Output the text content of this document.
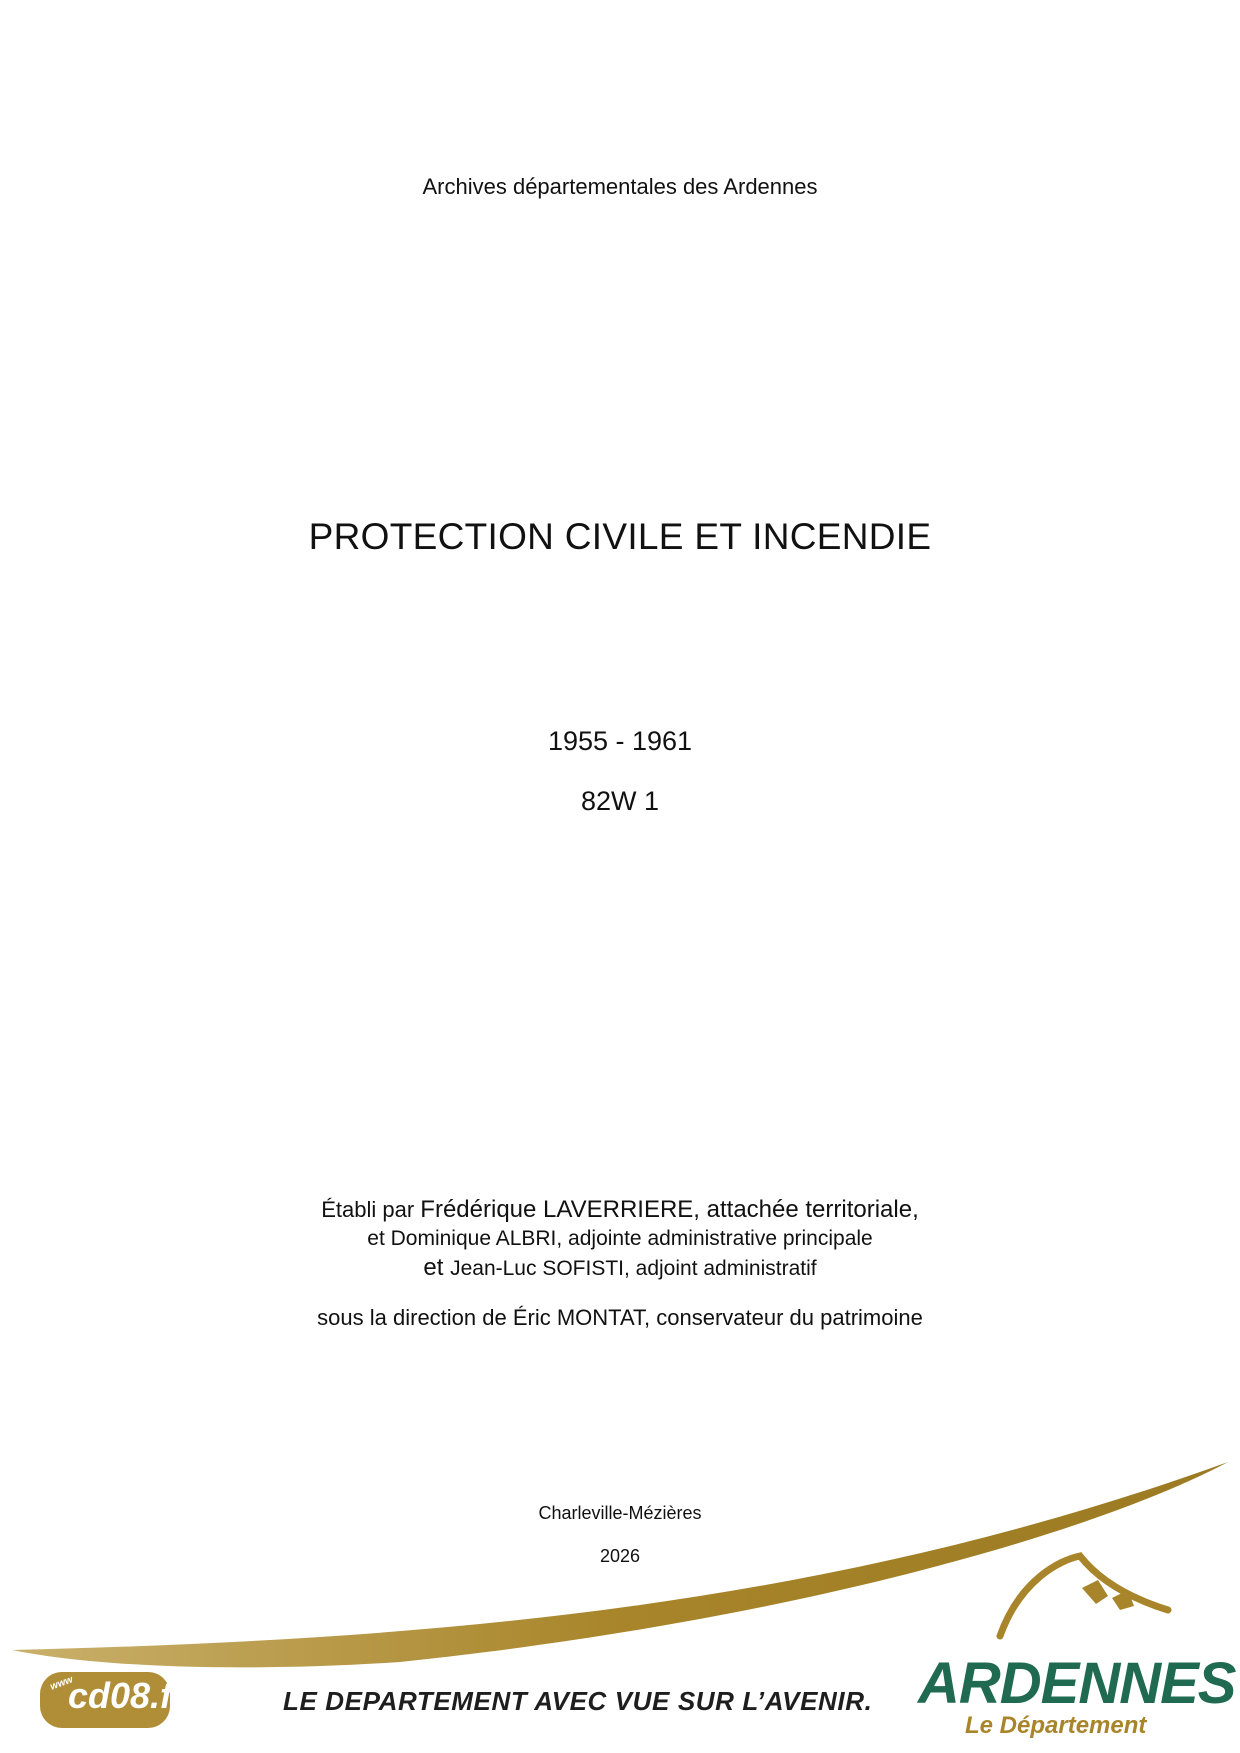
Archives départementales des Ardennes

PROTECTION CIVILE ET INCENDIE

1955 - 1961

82W 1

Établi par Frédérique LAVERRIERE, attachée territoriale,
et Dominique ALBRI, adjointe administrative principale
et Jean-Luc SOFISTI, adjoint administratif

sous la direction de Éric MONTAT, conservateur du patrimoine

Charleville-Mézières

2026

www
cd08.fr	LE DEPARTEMENT AVEC VUE SUR L’AVENIR. ARDENNES
Le Département
